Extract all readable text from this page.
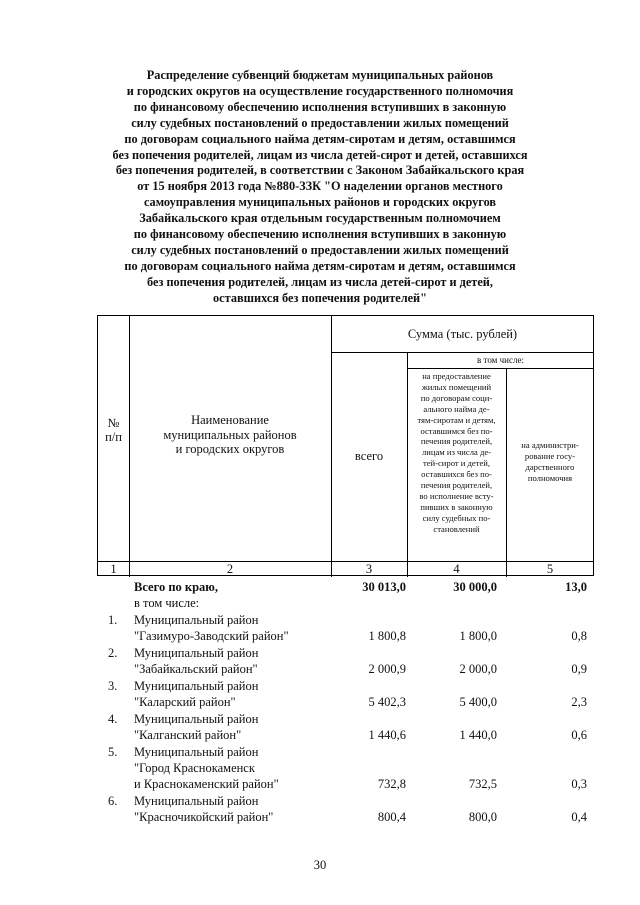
Распределение субвенций бюджетам муниципальных районов
и городских округов на осуществление государственного полномочия
по финансовому обеспечению исполнения вступивших в законную
силу судебных постановлений о предоставлении жилых помещений
по договорам социального найма детям-сиротам и детям, оставшимся
без попечения родителей, лицам из числа детей-сирот и детей, оставшихся
без попечения родителей, в соответствии с Законом Забайкальского края
от 15 ноября 2013 года №880-ЗЗК "О наделении органов местного
самоуправления муниципальных районов и городских округов
Забайкальского края отдельным государственным полномочием
по финансовому обеспечению исполнения вступивших в законную
силу судебных постановлений о предоставлении жилых помещений
по договорам социального найма детям-сиротам и детям, оставшимся
без попечения родителей, лицам из числа детей-сирот и детей,
оставшихся без попечения родителей"
№
п/п
Наименование
муниципальных районов
и городских округов
Сумма (тыс. рублей)
в том числе:
всего
на предоставление
жилых помещений
по договорам соци-
ального найма де-
тям-сиротам и детям,
оставшимся без по-
печения родителей,
лицам из числа де-
тей-сирот и детей,
оставшихся без по-
печения родителей,
во исполнение всту-
пивших в законную
силу судебных по-
становлений
на администри-
рование госу-
дарственного
полномочия
1	2	3	4	5
Всего по краю,
в том числе:
30 013,0	30 000,0	13,0
1. Муниципальный район
"Газимуро-Заводский район"	1 800,8	1 800,0	0,8
2. Муниципальный район
"Забайкальский район"	2 000,9	2 000,0	0,9
3. Муниципальный район
"Каларский район"	5 402,3	5 400,0	2,3
4. Муниципальный район
"Калганский район"	1 440,6	1 440,0	0,6
5. Муниципальный район
"Город Краснокаменск
и Краснокаменский район"	732,8	732,5	0,3
6. Муниципальный район
"Красночикойский район"	800,4	800,0	0,4
30
